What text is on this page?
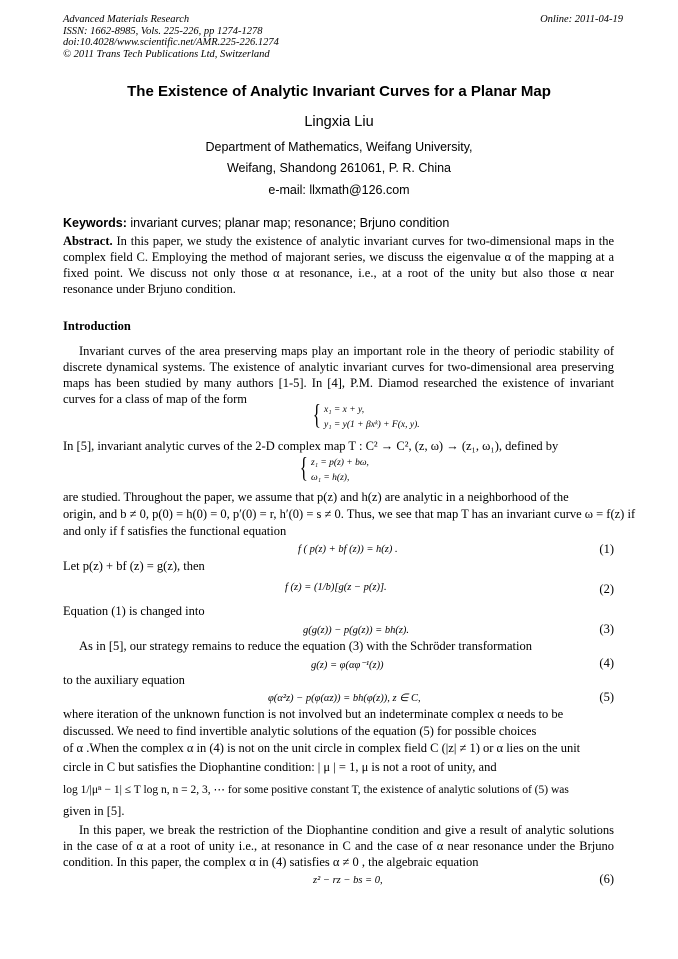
Advanced Materials Research	Online: 2011-04-19
ISSN: 1662-8985, Vols. 225-226, pp 1274-1278
doi:10.4028/www.scientific.net/AMR.225-226.1274
© 2011 Trans Tech Publications Ltd, Switzerland
The Existence of Analytic Invariant Curves for a Planar Map
Lingxia Liu
Department of Mathematics, Weifang University,
Weifang, Shandong 261061, P. R. China
e-mail: llxmath@126.com
Keywords: invariant curves; planar map; resonance; Brjuno condition
Abstract. In this paper, we study the existence of analytic invariant curves for two-dimensional maps in the complex field C. Employing the method of majorant series, we discuss the eigenvalue α of the mapping at a fixed point. We discuss not only those α at resonance, i.e., at a root of the unity but also those α near resonance under Brjuno condition.
Introduction
Invariant curves of the area preserving maps play an important role in the theory of periodic stability of discrete dynamical systems. The existence of analytic invariant curves for two-dimensional area preserving maps has been studied by many authors [1-5]. In [4], P.M. Diamod researched the existence of invariant curves for a class of map of the form
{ x₁ = x + y,
y₁ = y(1 + βxᵏ) + F(x, y).
In [5], invariant analytic curves of the 2-D complex map T : C² → C², (z, ω) → (z₁, ω₁), defined by
{ z₁ = p(z) + bω,
ω₁ = h(z),
are studied. Throughout the paper, we assume that p(z) and h(z) are analytic in a neighborhood of the
origin, and b ≠ 0, p(0) = h(0) = 0, p′(0) = r, h′(0) = s ≠ 0. Thus, we see that map T has an invariant curve ω = f(z) if
and only if f satisfies the functional equation
f ( p(z) + bf (z)) = h(z) .	(1)
Let p(z) + bf (z) = g(z), then
f (z) = (1/b)[g(z − p(z)].	(2)
Equation (1) is changed into
g(g(z)) − p(g(z)) = bh(z).	(3)
As in [5], our strategy remains to reduce the equation (3) with the Schröder transformation
g(z) = φ(αφ⁻¹(z))	(4)
to the auxiliary equation
φ(α²z) − p(φ(αz)) = bh(φ(z)), z ∈ C,	(5)
where iteration of the unknown function is not involved but an indeterminate complex α needs to be
discussed. We need to find invertible analytic solutions of the equation (5) for possible choices
of α .When the complex α in (4) is not on the unit circle in complex field C (|z| ≠ 1) or α lies on the unit
circle in C but satisfies the Diophantine condition: | μ | = 1, μ is not a root of unity, and
log 1/|μⁿ − 1| ≤ T log n, n = 2, 3, ⋯ for some positive constant T, the existence of analytic solutions of (5) was
given in [5].
In this paper, we break the restriction of the Diophantine condition and give a result of analytic solutions in the case of α at a root of unity i.e., at resonance in C and the case of α near resonance under the Brjuno condition. In this paper, the complex α in (4) satisfies α ≠ 0 , the algebraic equation
z² − rz − bs = 0,	(6)
